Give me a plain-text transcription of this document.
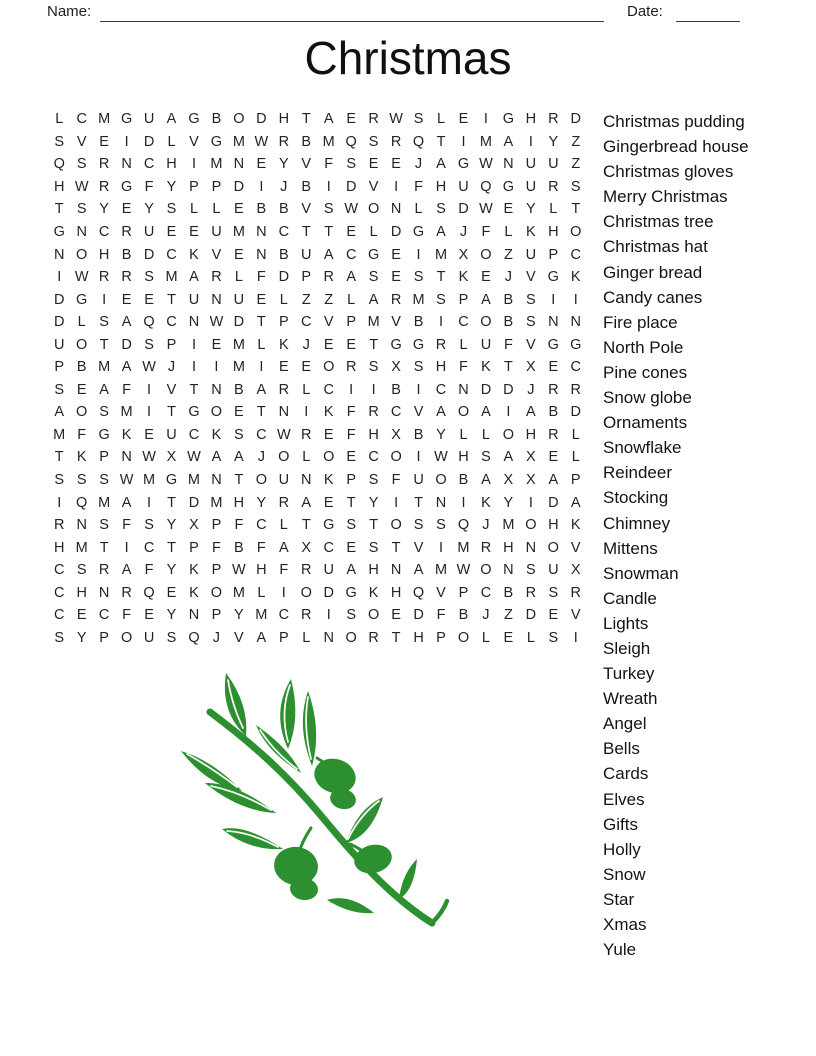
Name:	Date:
Christmas
L C M G U A G B O D H T A E R W S L E	I	G H R D
S V E	I	D L V G M W R B M Q S R Q T	I M A	I	Y Z
Q S R N C H	I M N E Y V F S E E J A G W N U U Z
H W R G F Y P P D	I	J B	I	D V	I	F H U Q G U R S
T S Y E Y S L L E B B V S W O N L S D W E Y L T
G N C R U E E U M N C T T E L D G A J F L K H O
N O H B D C K V E N B U A C G E	I M X O Z U P C
I W R R S M A R L F D P R A S E S T K E J V G K
D G	I	E E T U N U E L Z Z L A R M S P A B S	I	I
D L S A Q C N W D T P C V P M V B	I	C O B S N N
U O T D S P	I	E M L K J E E T G G R L U F V G G
P B M A W J	I	I M I	E E O R S X S H F K T X E C
S E A F	I	V T N B A R L C	I	I	B	I	C N D D J R R
A O S M I	T G O E T N	I	K F R C V A O A	I	A B D
M F G K E U C K S C W R E F H X B Y L L O H R L
T K P N W X W A A J O L O E C O	I W H S A X E L
S S S W M G M N T O U N K P S F U O B A X X A P
I	Q M A	I	T D M H Y R A E T Y	I	T N	I	K Y	I	D A
R N S F S Y X P F C L T G S T O S S Q J M O H K
H M T	I	C T P F B F A X C E S T V	I M R H N O V
C S R A F Y K P W H F R U A H N A M W O N S U X
C H N R Q E K O M L	I	O D G K H Q V P C B R S R
C E C F E Y N P Y M C R	I	S O E D F B J Z D E V
S Y P O U S Q J V A P L N O R T H P O L E L S	I
Christmas pudding
Gingerbread house
Christmas gloves
Merry Christmas
Christmas tree
Christmas hat
Ginger bread
Candy canes
Fire place
North Pole
Pine cones
Snow globe
Ornaments
Snowflake
Reindeer
Stocking
Chimney
Mittens
Snowman
Candle
Lights
Sleigh
Turkey
Wreath
Angel
Bells
Cards
Elves
Gifts
Holly
Snow
Star
Xmas
Yule
